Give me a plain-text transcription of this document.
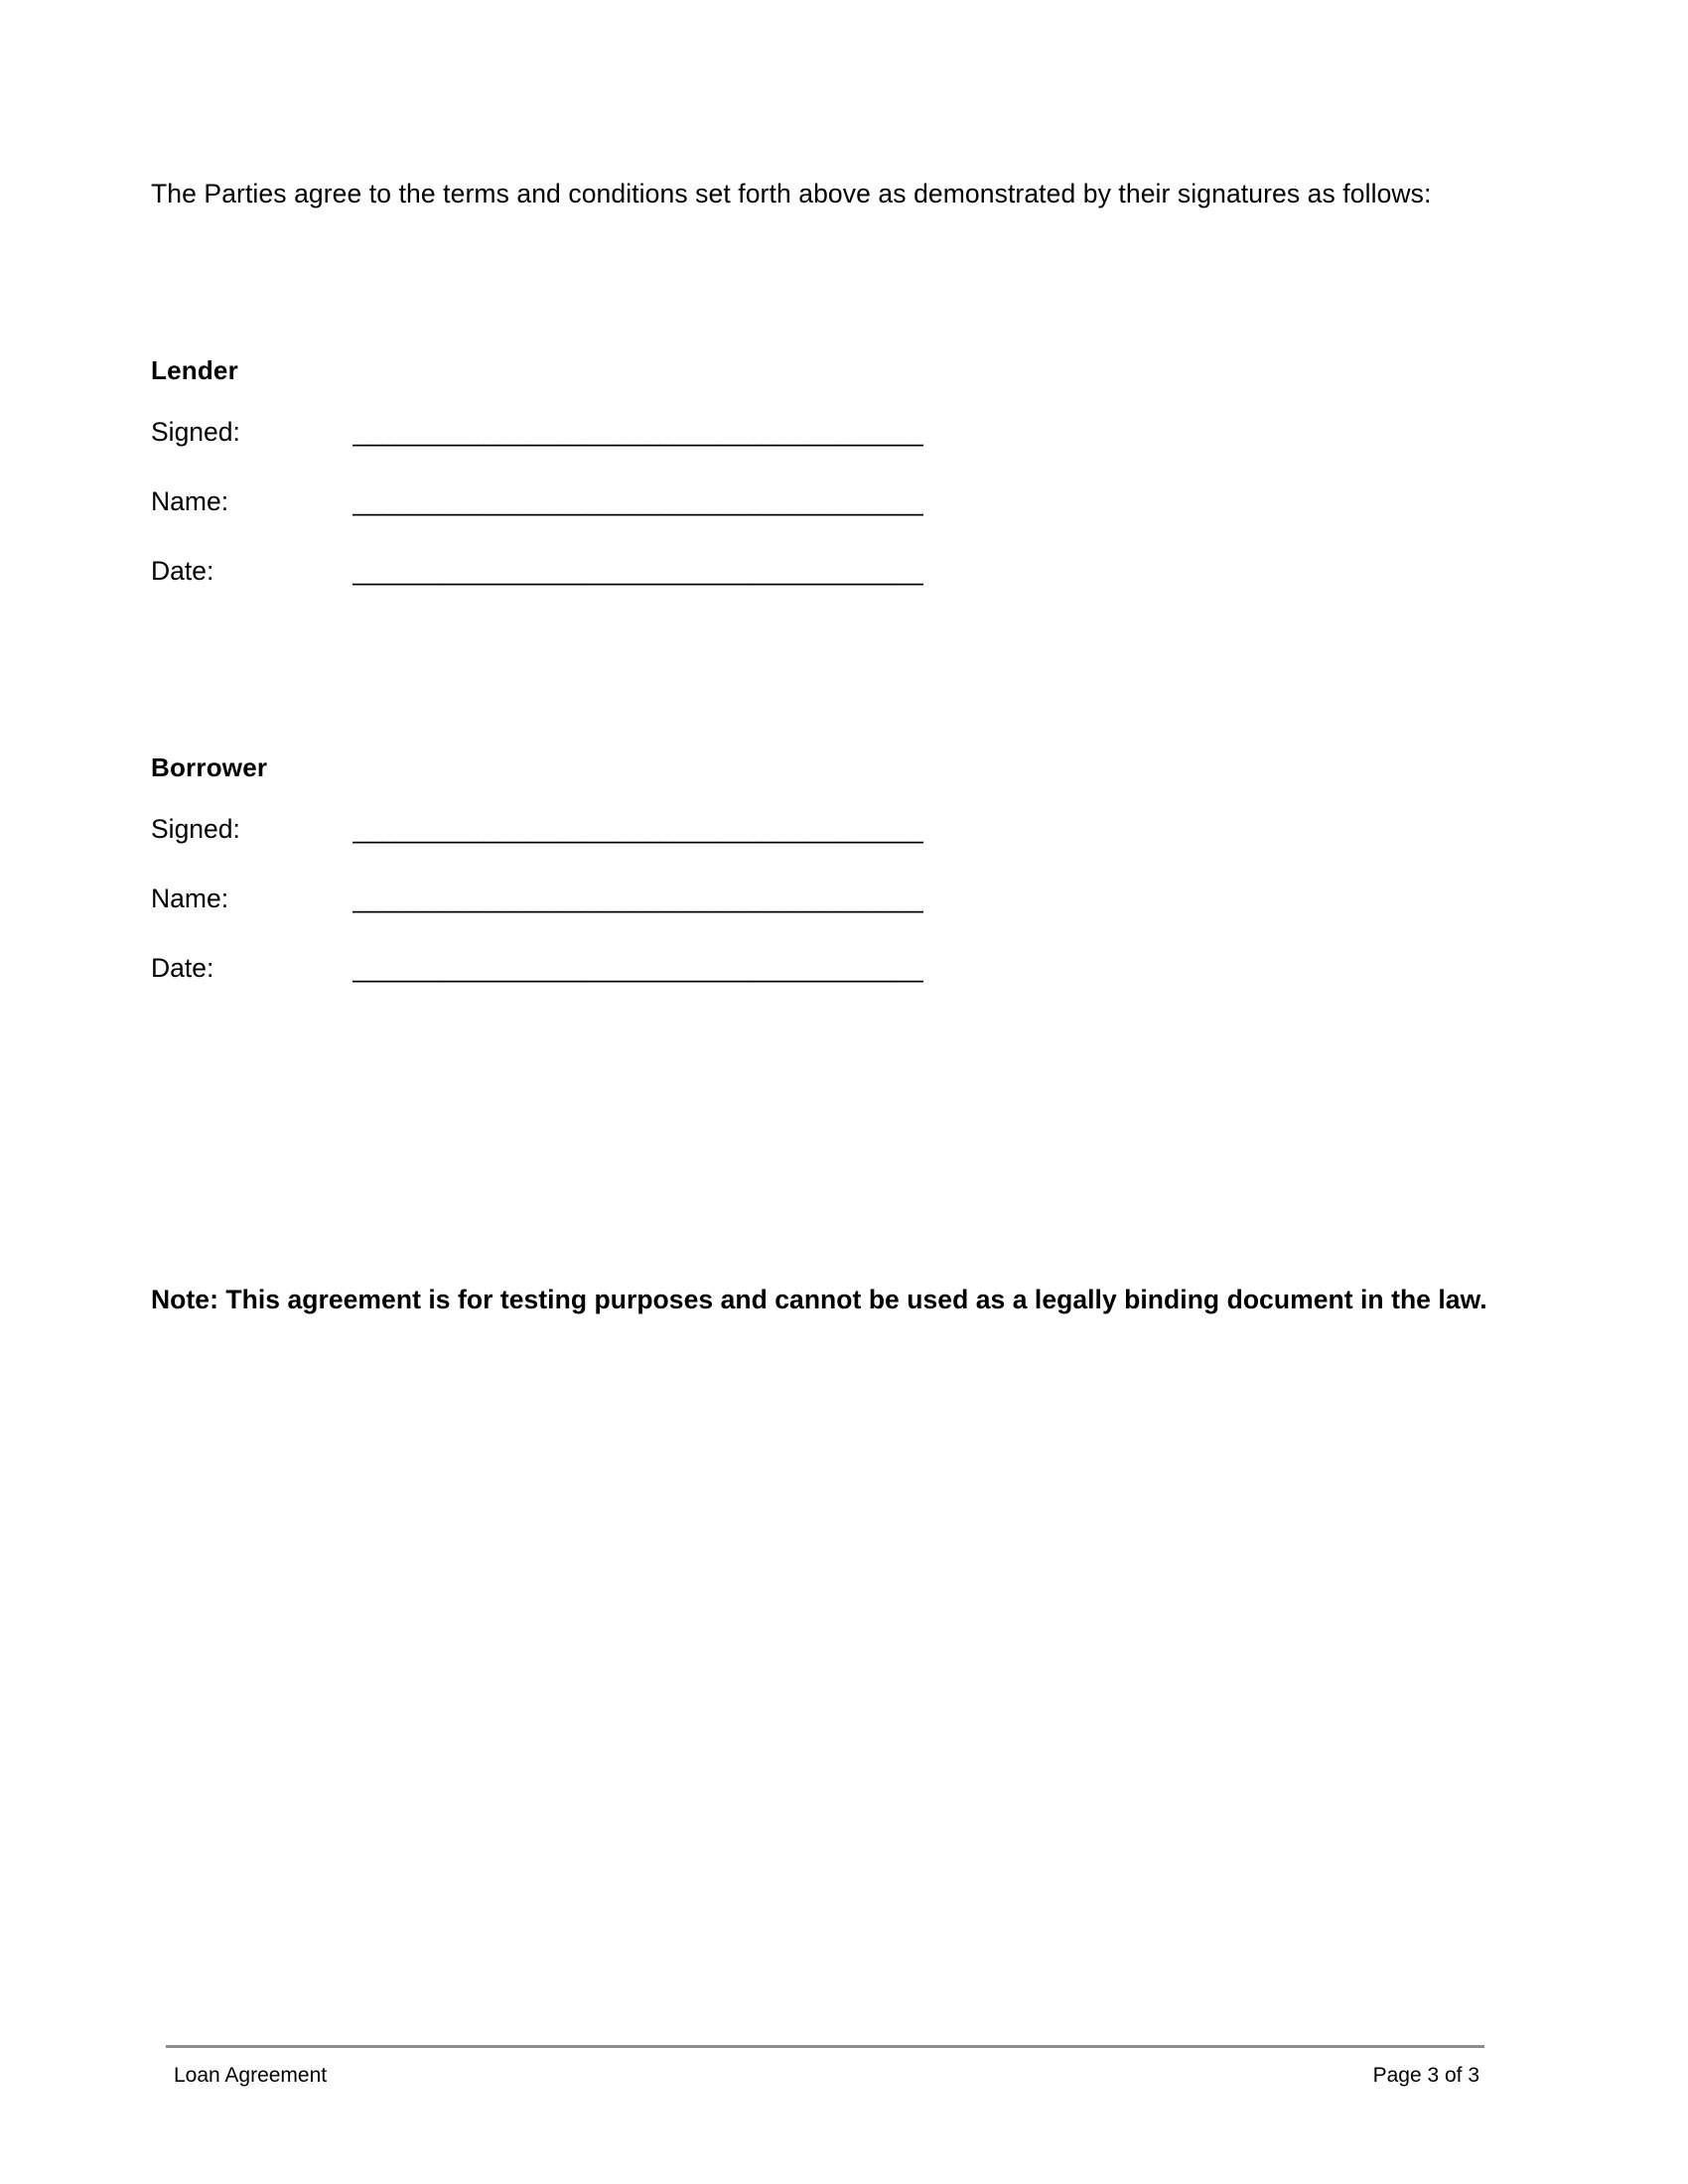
The Parties agree to the terms and conditions set forth above as demonstrated by their signatures as follows:

Lender
Signed:	_______________________________________
Name:	_______________________________________
Date:	_______________________________________
Borrower
Signed:	_______________________________________
Name:	_______________________________________
Date:	_______________________________________

Note: This agreement is for testing purposes and cannot be used as a legally binding document in the law.

Loan Agreement	Page 3 of 3
